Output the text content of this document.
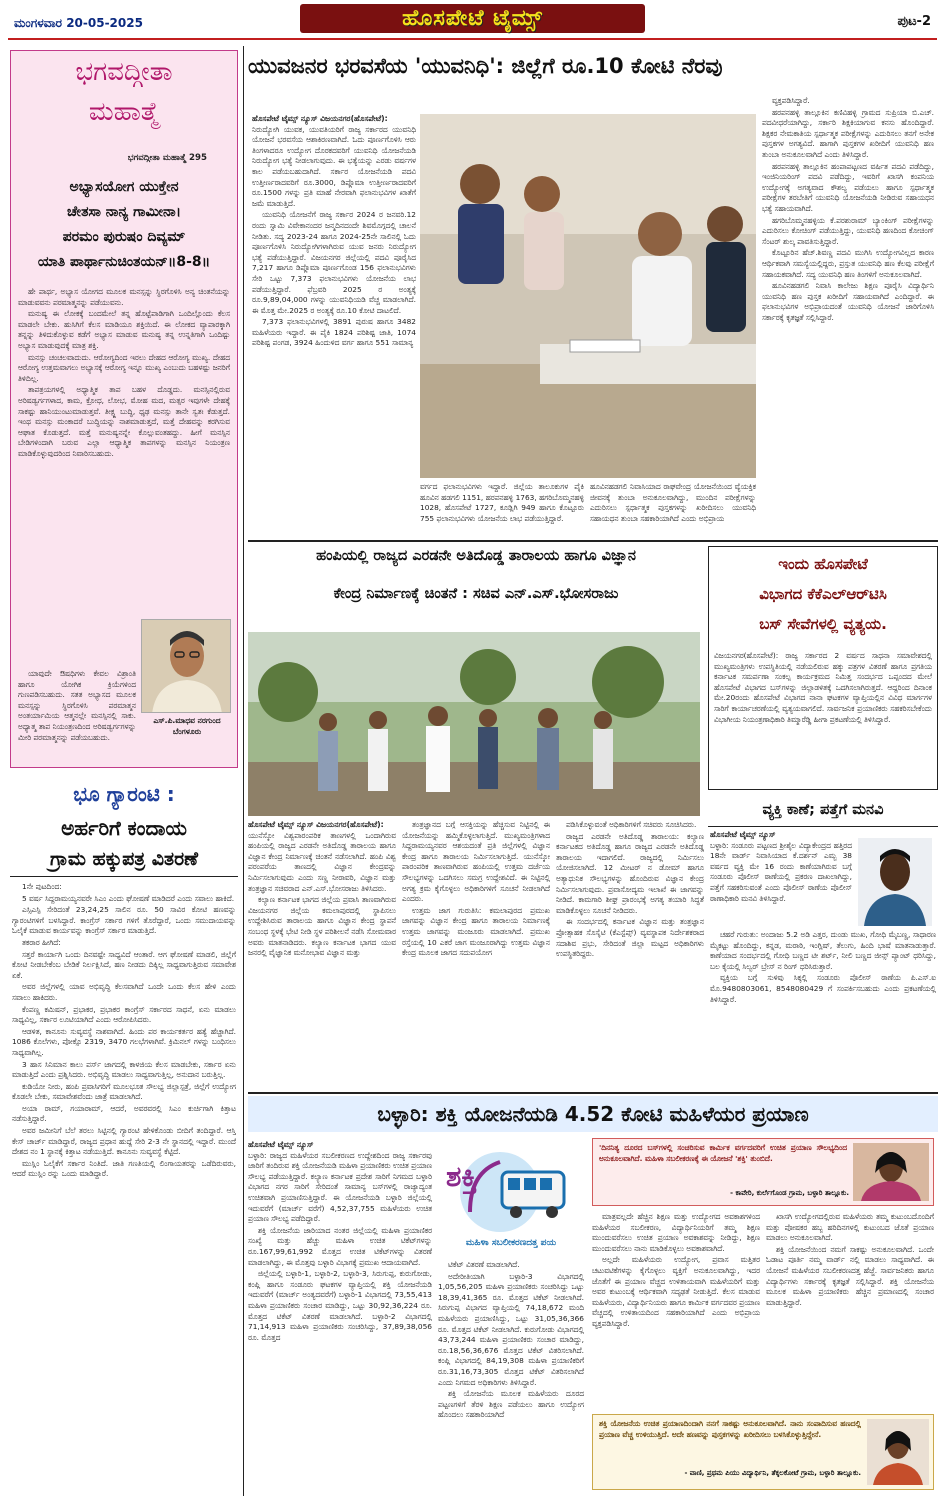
ಮಂಗಳವಾರ 20-05-2025	ಹೊಸಪೇಟೆ ಟೈಮ್ಸ್	ಪುಟ-2
ಭಗವದ್ಗೀತಾ
ಮಹಾತ್ಮೆ
ಭಗವದ್ಗೀತಾ ಮಹಾತ್ಮೆ 295
ಅಭ್ಯಾಸಯೋಗ ಯುಕ್ತೇನ
ಚೇತಸಾ ನಾನ್ಯ ಗಾಮೀನಾ।
ಪರಮಂ ಪುರುಷಂ ದಿವ್ಯಮ್
ಯಾತಿ ಪಾರ್ಥಾನುಚಿಂತಯನ್॥8-8॥

ಹೇ ಪಾರ್ಥ, ಅಭ್ಯಾಸ ಯೋಗದ ಮೂಲಕ ಮನಸ್ಸನ್ನು ಸ್ಥಿರಗೊಳಿಸಿ ಅನ್ಯ ಚಿಂತನೆಯನ್ನು ಮಾಡುವವನು ಪರಮಾತ್ಮನನ್ನು ಪಡೆಯುವನು.

ಮನುಷ್ಯ ಈ ಲೋಕಕ್ಕೆ ಬಂದಮೇಲೆ ತನ್ನ ಹೊಟ್ಟೆಪಾಡಿಗಾಗಿ ಒಂದಿಲ್ಲೊಂದು ಕೆಲಸ ಮಾಡಲೇ ಬೇಕು. ಹುಸಿಗಿಗೆ ಕೆಲಸ ಮಾಡಿಯೂ ಶಕ್ತಿಯಿದೆ. ಈ ಲೋಕದ ವ್ಯಾಪಾರಕ್ಕಾಗಿ ತನ್ನನ್ನು ತಿಳಿದುಕೊಳ್ಳುವ ಕಡೆಗೆ ಅಭ್ಯಾಸ ಮಾಡುವ ಮನುಷ್ಯ ತನ್ನ ಉನ್ನತಿಗಾಗಿ ಒಂದಿಷ್ಟು ಅಭ್ಯಾಸ ಮಾಡುವುದಕ್ಕೆ ಮಾತ್ರ ಶಕ್ತಿ.

ಮನಸ್ಸು ಚಂಚಲವಾದುದು. ಆರೋಗ್ಯದಿಂದ ಇರಲು ದೇಹದ ಆರೋಗ್ಯ ಮುಖ್ಯ. ದೇಹದ ಆರೋಗ್ಯ ಉತ್ತಮವಾಗಲು ಅಭ್ಯಾಸಕ್ಕೆ ಆರೋಗ್ಯ ಇನ್ನೂ ಮುಖ್ಯ ಎಂಬುದು ಬಹಳಷ್ಟು ಜನರಿಗೆ ತಿಳಿದಿಲ್ಲ.

ತಾಪತ್ರಯಗಳಲ್ಲಿ ಅಧ್ಯಾತ್ಮಿಕ ತಾಪ ಬಹಳ ದೊಡ್ಡದು. ಮನಸ್ಸಿನಲ್ಲಿರುವ ಅರಿಷಡ್ವರ್ಗಗಳಾದ, ಕಾಮ, ಕ್ರೋಧ, ಲೋಭ, ಮೋಹ ಮದ, ಮತ್ಸರ ಇವುಗಳೇ ದೇಹಕ್ಕೆ ಸಾಕಷ್ಟು ಹಾನಿಯುಂಟುಮಾಡುತ್ತವೆ. ತೀಕ್ಷ್ಣ ಬುದ್ಧಿ, ಧೃಢ ಮನಸ್ಸು ತಾನೇ ಸ್ವತಃ ಕೆಡುತ್ತದೆ. ಇಂಥ ಮನಸ್ಸು ಮಂಕಾದರೆ ಬುದ್ಧಿಯನ್ನು ನಾಶಮಾಡುತ್ತದೆ, ಮತ್ತೆ ದೇಹವನ್ನು ಕರಗಿಸುವ ಆಘಾತ ಕೊಡುತ್ತದೆ. ಮತ್ತೆ ಮನುಷ್ಯನನ್ನೇ ಕೊಲ್ಲುವಂತಹದ್ದು. ಹೀಗೆ ಮನಸ್ಸಿನ ಬೇಡಿಗಳಿಂದಾಗಿ ಬರುವ ಎಲ್ಲಾ ಆಧ್ಯಾತ್ಮಿಕ ತಾಪಗಳನ್ನು ಮನಸ್ಸಿನ ನಿಯಂತ್ರಣ ಮಾಡಿಕೊಳ್ಳುವುದರಿಂದ ನಿವಾರಿಸಬಹುದು.

ಯಾವುದೇ ಔಷಧಿಗಳು ಕೇವಲ ವಿಶ್ರಾಂತಿ ಹಾಗೂ ಯೋಗಿಕ ಕ್ರಿಯೆಗಳಿಂದ ಗುಣಪಡಿಸಬಹುದು. ಸತತ ಅಭ್ಯಾಸದ ಮೂಲಕ ಮನಸ್ಸನ್ನು ಸ್ಥಿರಗೊಳಿಸಿ ಪರಮಾತ್ಮನ ಅಂತರ್ಯಾಮಿಯ ಆತ್ಮನಲ್ಲೇ ಮನಸ್ಸಿನಲ್ಲಿ ಸಾಕು. ಅಧ್ಯಾತ್ಮ ತಾಪ ನಿಯಂತ್ರಣದಿಂದ ಅರಿಷಡ್ವರ್ಗಗಳನ್ನು ಮೀರಿ ಪರಮಾತ್ಮನನ್ನು ಪಡೆಯಬಹುದು.

ಎಸ್.ಪಿ.ಮಾಧವ ನರಗುಂದ
ಬೆಂಗಳೂರು
ಭೂ ಗ್ಯಾರಂಟಿ :
ಅರ್ಹರಿಗೆ ಕಂದಾಯ
ಗ್ರಾಮ ಹಕ್ಕುಪತ್ರ ವಿತರಣೆ

1ನೇ ಪುಟದಿಂದ:

5 ವರ್ಷ ಸಿದ್ದರಾಮಯ್ಯನವರೇ ಸಿಎಂ ಎಂದು ಘೋಷಣೆ ಮಾಡಿದರೆ ಎಂದು ಸವಾಲು ಹಾಕಿದೆ.

ಎಸ್ಸಿಎಸ್ಪಿ ಸೇರಿದಂತೆ 23,24,25 ಸಾಲಿನ ರೂ. 50 ಸಾವಿರ ಕೋಟಿ ಹಣವನ್ನು ಗ್ಯಾರಂಟಿಗಳಿಗೆ ಬಳಸಿದ್ದಾರೆ. ಕಾಂಗ್ರೆಸ್ ಸರ್ಕಾರ ಗಳಿಗೆ ತೊರೆದ್ದಾರೆ, ಒಂದು ಸಮುದಾಯವನ್ನು ಓಲೈಕೆ ಮಾಡುವ ಕಾರ್ಯವನ್ನು ಕಾಂಗ್ರೆಸ್ ಸರ್ಕಾರ ಮಾಡುತ್ತಿದೆ.

ತಕರಾರ ಹೀಗಿದೆ:

ಸತ್ತರೆ ಕಾರ್ಯಾಗಿ ಒಂದು ದಿನವಷ್ಟೇ ಸಾಧ್ಯವಿದೆ ಆಂತಾರೆ. ಆಗ ಘೋಷಣೆ ಮಾಡಲಿ, ಜಿಲ್ಲೆಗೆ ಕೋಟಿ ನೀಡಬೇಕೆಂಬ ಬೇಡಿಕೆ ನಿರ್ಲಕ್ಷಿಸಿದೆ, ಹಣ ನೀಡದು ದಿಕ್ಕಿಲ್ಲ ಸಾಧ್ಯವಾಗುತ್ತಿರುವ ಸಮಾವೇಶ ಏಕೆ.

ಅವರ ಜಿಲ್ಲೆಗಳಲ್ಲಿ ಯಾವ ಅಭಿವೃದ್ಧಿ ಕೆಲಸವಾಗಿದೆ ಒಂದೇ ಒಂದು ಕೆಲಸ ಹೇಳಿ ಎಂದು ಸವಾಲು ಹಾಕಿದರು.

ಕೆಂಪಣ್ಣ ಕಮಿಷನ್, ಪ್ರಭಾಕರ, ಪ್ರಭಾಕರ ಕಾಂಗ್ರೆಸ್ ಸರ್ಕಾರದ ಸಾಧನೆ, ಏನು ಮಾಡಲು ಸಾಧ್ಯವಿಲ್ಲ, ಸರ್ಕಾರ ಲೂಟಿಯಾಗಿದೆ ಎಂದು ಆರೋಪಿಸಿದರು.

ಆಡಳಿತ, ಕಾನೂನು ಸುವ್ಯವಸ್ಥೆ ನಾಶವಾಗಿದೆ. ಹಿಂದು ಪರ ಕಾರ್ಯಕರ್ತರ ಹತ್ಯೆ ಹೆಚ್ಚಾಗಿದೆ. 1086 ಕೊಲೆಗಳು, ಪೋಕ್ಸೊ 2319, 3470 ಗಲಭೆಗಳಾಗಿವೆ. ಕ್ರಿಮಿನಲ್ ಗಳನ್ನು ಬಂಧಿಸಲು ಸಾಧ್ಯವಾಗಿಲ್ಲ.

3 ಹಾಸ ಸಿನಿಮಾನ ಕಾಲು ಪರ್ಸ್ ಜಾಗದಲ್ಲಿ ಕಾಳಜಿಯ ಕೆಲಸ ಮಾಡಬೇಕು, ಸರ್ಕಾರ ಏನು ಮಾಡುತ್ತಿದೆ ಎಂದು ಪ್ರಶ್ನಿಸಿದರು. ಅಭಿವೃದ್ಧಿ ಮಾಡಲು ಸಾಧ್ಯವಾಗುತ್ತಿಲ್ಲ, ಅನುದಾನ ಬರುತ್ತಿಲ್ಲ.

ಕುಡಿಯೋ ನೀರು, ಹಂಪಿ ಪ್ರವಾಸಿಗರಿಗೆ ಮೂಲಭೂತ ಸೌಲಭ್ಯ ಜಿಲ್ಲಾಸ್ಪತ್ರೆ, ಜಿಲ್ಲೆಗೆ ಉದ್ಯೋಗ ಕೊಡಲೇ ಬೇಕು, ಸಮಾವೇಶವೆಂದು ಜಾತ್ರೆ ಮಾಡಲಾಗಿದೆ.

ಅಯಾ ರಾಮ್, ಗಯಾರಾಮ್, ಆದರೆ, ಅವರವರಲ್ಲಿ ಸಿಎಂ ಕುರ್ಚಿಗಾಗಿ ಕಿತ್ತಾಟ ನಡೆಸುತ್ತಿದ್ದಾರೆ.

ಅವರ ಜಮೀನಿಗೆ ಬೆಲೆ ತರಲು ಸಿಟ್ಟಿನಲ್ಲಿ ಗ್ಯಾರಂಟಿ ಹೇಳಿಕೊಂಡು ಬೀದಿಗೆ ತಂದಿದ್ದಾರೆ. ಆಸ್ತಿ ಕೇಸ್ ಚಾರ್ಜ್ ಮಾಡಿದ್ದಾರೆ, ರಾಜ್ಯದ ಪ್ರಧಾನ ಹುದ್ದೆ ಸೇರಿ 2-3 ನೇ ಸ್ಥಾನದಲ್ಲಿ ಇದ್ದಾರೆ. ಮುಂದೆ ದೇಶದ ನಂ 1 ಸ್ಥಾನಕ್ಕೆ ಕಿತ್ತಾಟ ನಡೆಯುತ್ತಿದೆ. ಕಾನೂನು ಸುವ್ಯವಸ್ಥೆ ಕೆಟ್ಟಿದೆ.

ಮುಸ್ಲಿಂ ಓಲೈಕೆಗೆ ಸರ್ಕಾರ ನಿಂತಿದೆ. ಜಾತಿ ಗಣತಿಯಲ್ಲಿ ಲಿಂಗಾಯತರನ್ನು ಒಡೆದಿರುವರು, ಆದರೆ ಮುಸ್ಲಿಂ ರನ್ನು ಒಂದು ಮಾಡಿದ್ದಾರೆ.

ಯುವಜನರ ಭರವಸೆಯ 'ಯುವನಿಧಿ': ಜಿಲ್ಲೆಗೆ ರೂ.10 ಕೋಟಿ ನೆರವು

ಹೊಸಪೇಟೆ ಟೈಮ್ಸ್ ನ್ಯೂಸ್ ವಿಜಯನಗರ(ಹೊಸಪೇಟೆ):
ನಿರುದ್ಯೋಗಿ ಯುವಕ, ಯುವತಿಯರಿಗೆ ರಾಜ್ಯ ಸರ್ಕಾರದ ಯುವನಿಧಿ ಯೋಜನೆ ಭರವಸೆಯ ಆಶಾಕಿರಣವಾಗಿದೆ. ಓದು ಪೂರ್ಣಗೊಳಿಸಿ ಆರು ತಿಂಗಳಾದರೂ ಉದ್ಯೋಗ ದೊರಕದವರಿಗೆ ಯುವನಿಧಿ ಯೋಜನೆಯಡಿ ನಿರುದ್ಯೋಗ ಭತ್ಯೆ ನೀಡಲಾಗುವುದು. ಈ ಭತ್ಯೆಯನ್ನು ಎರಡು ವರ್ಷಗಳ ಕಾಲ ಪಡೆಯಬಹುದಾಗಿದೆ. ಸರ್ಕಾರ ಯೋಜನೆಯಡಿ ಪದವಿ ಉತ್ತೀರ್ಣರಾದವರಿಗೆ ರೂ.3000, ಡಿಪ್ಲೊಮಾ ಉತ್ತೀರ್ಣರಾದವರಿಗೆ ರೂ.1500 ಗಳನ್ನು ಪ್ರತಿ ಮಾಹೆ ನೇರವಾಗಿ ಫಲಾನುಭವಿಗಳ ಖಾತೆಗೆ ಜಮೆ ಮಾಡುತ್ತಿದೆ.

ಯುವನಿಧಿ ಯೋಜನೆಗೆ ರಾಜ್ಯ ಸರ್ಕಾರ 2024 ರ ಜನವರಿ.12 ರಂದು ಸ್ವಾಮಿ ವಿವೇಕಾನಂದರ ಜನ್ಮದಿನದಂದೇ ಶಿವಮೊಗ್ಗದಲ್ಲಿ ಚಾಲನೆ ನೀಡಿತು. ಸದ್ಯ 2023-24 ಹಾಗೂ 2024-25ನೇ ಸಾಲಿನಲ್ಲಿ ಓದು ಪೂರ್ಣಗೊಳಿಸಿ ನಿರುದ್ಯೋಗಿಗಳಾಗಿರುವ ಯುವ ಜನರು ನಿರುದ್ಯೋಗ ಭತ್ಯೆ ಪಡೆಯುತ್ತಿದ್ದಾರೆ. ವಿಜಯನಗರ ಜಿಲ್ಲೆಯಲ್ಲಿ ಪದವಿ ಪೂರೈಸಿದ 7,217 ಹಾಗೂ ಡಿಪ್ಲೊಮಾ ಪೂರ್ಣಗೊಂಡ 156 ಫಲಾನುಭವಿಗಳು ಸೇರಿ ಒಟ್ಟು 7,373 ಫಲಾನುಭವಿಗಳು ಯೋಜನೆಯ ಲಾಭ ಪಡೆಯುತ್ತಿದ್ದಾರೆ. ಫೆಬ್ರವರಿ 2025 ರ ಅಂತ್ಯಕ್ಕೆ ರೂ.9,89,04,000 ಗಳನ್ನು ಯುವನಿಧಿಯಡಿ ವೆಚ್ಚ ಮಾಡಲಾಗಿದೆ. ಈ ಮೊತ್ತ ಮೇ.2025 ರ ಅಂತ್ಯಕ್ಕೆ ರೂ.10 ಕೋಟಿ ದಾಟಲಿದೆ.

7,373 ಫಲಾನುಭವಿಗಳಲ್ಲಿ 3891 ಪುರುಷ ಹಾಗೂ 3482 ಮಹಿಳೆಯರು ಇದ್ದಾರೆ. ಈ ಪೈಕಿ 1824 ಪರಿಶಿಷ್ಟ ಜಾತಿ, 1074 ಪರಿಶಿಷ್ಟ ಪಂಗಡ, 3924 ಹಿಂದುಳಿದ ವರ್ಗ ಹಾಗೂ 551 ಸಾಮಾನ್ಯ

ವರ್ಗದ ಫಲಾನುಭವಿಗಳು ಇದ್ದಾರೆ. ಜಿಲ್ಲೆಯ ತಾಲೂಕುಗಳ ಪೈಕಿ ಹೂವಿನ ಹಡಗಲಿ 1151, ಹರಪನಹಳ್ಳಿ 1763, ಹಗರಿಬೊಮ್ಮನಹಳ್ಳಿ 1028, ಹೊಸಪೇಟೆ 1727, ಕೂಡ್ಲಿಗಿ 949 ಹಾಗೂ ಕೊಟ್ಟೂರು 755 ಫಲಾನುಭವಿಗಳು ಯೋಜನೆಯ ಲಾಭ ಪಡೆಯುತ್ತಿದ್ದಾರೆ.
ಹೂವಿನಹಡಗಲಿ ನಿವಾಸಿಯಾದ ರಾಘವೇಂದ್ರ ಯೋಜನೆಯಿಂದ ವ್ಯೆಯಕ್ತಿಕ ಜೀವನಕ್ಕೆ ತುಂಬಾ ಅನುಕೂಲವಾಗಿದ್ದು, ಮುಂದಿನ ಪರೀಕ್ಷೆಗಳನ್ನು ಎದುರಿಸಲು ಸ್ಪರ್ಧಾತ್ಮಕ ಪುಸ್ತಕಗಳನ್ನು ಖರೀದಿಸಲು ಯುವನಿಧಿ ಸಹಾಯಧನ ತುಂಬಾ ಸಹಕಾರಿಯಾಗಿದೆ ಎಂದು ಅಭಿಪ್ರಾಯ

ವ್ಯಕ್ತಪಡಿಸಿದ್ದಾರೆ.

ಹರಪನಹಳ್ಳಿ ತಾಲ್ಲೂಕಿನ ಕಣಿವಿಹಳ್ಳಿ ಗ್ರಾಮದ ಸುಪ್ರಿಯಾ ಬಿ.ಎಚ್. ಪದವೀಧರೆಯಾಗಿದ್ದು, ಸರ್ಕಾರಿ ಶಿಕ್ಷಕಿಯಾಗುವ ಕನಸು ಹೊಂದಿದ್ದಾರೆ. ಶಿಕ್ಷಕರ ನೇಮಕಾತಿಯ ಸ್ಪರ್ಧಾತ್ಮಕ ಪರೀಕ್ಷೆಗಳನ್ನು ಎದುರಿಸಲು ತನಗೆ ಅನೇಕ ಪುಸ್ತಕಗಳ ಅಗತ್ಯವಿದೆ. ಹಾಗಾಗಿ ಪುಸ್ತಕಗಳ ಖರೀದಿಗೆ ಯುವನಿಧಿ ಹಣ ತುಂಬಾ ಅನುಕೂಲವಾಗಿದೆ ಎಂದು ತಿಳಿಸಿದ್ದಾರೆ.

ಹರಪನಹಳ್ಳಿ ತಾಲ್ಲೂಕಿನ ಹಂಪಾಪಟ್ಟಣದ ವರ್ಷಿತ ಪದವಿ ಪಡೆದಿದ್ದು, ಇಂಜಿನಿಯರಿಂಗ್ ಪದವಿ ಪಡೆದಿದ್ದು, ಇವರಿಗೆ ಖಾಸಗಿ ಕಂಪನಿಯ ಉದ್ಯೋಗಕ್ಕೆ ಅಗತ್ಯವಾದ ಕೌಶಲ್ಯ ಪಡೆಯಲು ಹಾಗೂ ಸ್ಪರ್ಧಾತ್ಮಕ ಪರೀಕ್ಷೆಗಳ ತರಬೇತಿಗೆ ಯುವನಿಧಿ ಯೋಜನೆಯಡಿ ನೀಡಿರುವ ಸಹಾಯಧನ ಭತ್ಯೆ ಸಹಾಯವಾಗಿದೆ.

ಹಗರಿಬೊಮ್ಮನಹಳ್ಳಿಯ ಕೆ.ಪರಶುರಾಮ್ ಬ್ಯಾಂಕಿಂಗ್ ಪರೀಕ್ಷೆಗಳನ್ನು ಎದುರಿಸಲು ಕೋಚಿಂಗ್ ಪಡೆಯುತ್ತಿದ್ದು, ಯುವನಿಧಿ ಹಣದಿಂದ ಕೋಚಿಂಗ್ ಸೆಂಟರ್ ಶುಲ್ಕ ಪಾವತಿಸುತ್ತಿದ್ದಾರೆ.

ಕೊಟ್ಟೂರಿನ ಹೆಚ್.ಶಿವಣ್ಣ ಪದವಿ ಮುಗಿಸಿ ಉದ್ಯೋಗವಿಲ್ಲದ ಕಾರಣ ಆರ್ಥಿಕವಾಗಿ ಸಮಸ್ಯೆಯಲ್ಲಿದ್ದರು, ಪ್ರಸ್ತುತ ಯುವನಿಧಿ ಹಣ ಕೆಲವು ಪರೀಕ್ಷೆಗೆ ಸಹಾಯಕವಾಗಿದೆ. ಸದ್ಯ ಯುವನಿಧಿ ಹಣ ತಿಂಗಳಿಗೆ ಅನುಕೂಲವಾಗಿದೆ.

ಹೂವಿನಹಡಗಲಿ ನಿವಾಸಿ ಕಾಲೇಜು ಶಿಕ್ಷಣ ಪೂರೈಸಿ ವಿದ್ಯಾರ್ಥಿನಿ ಯುವನಿಧಿ ಹಣ ಪುಸ್ತಕ ಖರೀದಿಗೆ ಸಹಾಯವಾಗಿದೆ ಎಂದಿದ್ದಾರೆ. ಈ ಫಲಾನುಭವಿಗಳ ಅಭಿಪ್ರಾಯದಂತೆ ಯುವನಿಧಿ ಯೋಜನೆ ಜಾರಿಗೊಳಿಸಿ ಸರ್ಕಾರಕ್ಕೆ ಕೃತಜ್ಞತೆ ಸಲ್ಲಿಸಿದ್ದಾರೆ.

ಹಂಪಿಯಲ್ಲಿ ರಾಜ್ಯದ ಎರಡನೇ ಅತಿದೊಡ್ಡ ತಾರಾಲಯ ಹಾಗೂ ವಿಜ್ಞಾನ
ಕೇಂದ್ರ ನಿರ್ಮಾಣಕ್ಕೆ ಚಿಂತನೆ : ಸಚಿವ ಎನ್.ಎಸ್.ಭೋಸರಾಜು

ಹೊಸಪೇಟೆ ಟೈಮ್ಸ್ ನ್ಯೂಸ್ ವಿಜಯನಗರ(ಹೊಸಪೇಟೆ):
ಯುನೆಸ್ಕೋ ವಿಶ್ವಪಾರಂಪರಿಕ ತಾಣಗಳಲ್ಲಿ ಒಂದಾಗಿರುವ ಹಂಪಿಯಲ್ಲಿ ರಾಜ್ಯದ ಎರಡನೇ ಅತಿದೊಡ್ಡ ತಾರಾಲಯ ಹಾಗೂ ವಿಜ್ಞಾನ ಕೇಂದ್ರ ನಿರ್ಮಾಣಕ್ಕೆ ಚಿಂತನೆ ನಡೆಸಲಾಗಿದೆ. ಹಂಪಿ ವಿಶ್ವ ಪರಂಪರೆಯ ತಾಣದಲ್ಲಿ ವಿಜ್ಞಾನ ಕೇಂದ್ರವನ್ನು ನಿರ್ಮಿಸಲಾಗುವುದು ಎಂದು ಸಣ್ಣ ನೀರಾವರಿ, ವಿಜ್ಞಾನ ಮತ್ತು ತಂತ್ರಜ್ಞಾನ ಸಚಿವರಾದ ಎನ್.ಎಸ್.ಭೋಸರಾಜು ತಿಳಿಸಿದರು.

ಕಲ್ಯಾಣ ಕರ್ನಾಟಕ ಭಾಗದ ಜಿಲ್ಲೆಯ ಪ್ರವಾಸಿ ತಾಣವಾಗಿರುವ ವಿಜಯನಗರ ಜಿಲ್ಲೆಯ ಕಮಲಾಪುರದಲ್ಲಿ ಸ್ಥಾಪಿಸಲು ಉದ್ದೇಶಿಸಿರುವ ತಾರಾಲಯ ಹಾಗೂ ವಿಜ್ಞಾನ ಕೇಂದ್ರ ಸ್ಥಾಪನೆ ಸಂಬಂಧ ಸ್ಥಳಕ್ಕೆ ಭೇಟಿ ನೀಡಿ ಸ್ಥಳ ಪರಿಶೀಲನೆ ನಡೆಸಿ ಸೋಮವಾರ ಅವರು ಮಾತನಾಡಿದರು. ಕಲ್ಯಾಣ ಕರ್ನಾಟಕ ಭಾಗದ ಯುವ ಜನರಲ್ಲಿ ವೈಜ್ಞಾನಿಕ ಮನೋಭಾವ ವಿಜ್ಞಾನ ಮತ್ತು

ತಂತ್ರಜ್ಞಾನದ ಬಗ್ಗೆ ಆಸಕ್ತಿಯನ್ನು ಹೆಚ್ಚಿಸುವ ನಿಟ್ಟಿನಲ್ಲಿ ಈ ಯೋಜನೆಯನ್ನು ಹಮ್ಮಿಕೊಳ್ಳಲಾಗುತ್ತಿದೆ. ಮುಖ್ಯಮಂತ್ರಿಗಳಾದ ಸಿದ್ದರಾಮಯ್ಯನವರ ಆಶಯದಂತೆ ಪ್ರತಿ ಜಿಲ್ಲೆಗಳಲ್ಲಿ ವಿಜ್ಞಾನ ಕೇಂದ್ರ ಹಾಗೂ ತಾರಾಲಯ ನಿರ್ಮಿಸಲಾಗುತ್ತಿದೆ. ಯುನೆಸ್ಕೋ ಪಾರಂಪರಿಕ ತಾಣವಾಗಿರುವ ಹಂಪಿಯಲ್ಲಿ ಉತ್ತಮ ದರ್ಜೆಯ ಸೌಲಭ್ಯಗಳನ್ನು ಒದಗಿಸಲು ಸಮಗ್ರ ಉದ್ದೇಶವಿದೆ. ಈ ನಿಟ್ಟಿನಲ್ಲಿ ಅಗತ್ಯ ಕ್ರಮ ಕೈಗೊಳ್ಳಲು ಅಧಿಕಾರಿಗಳಿಗೆ ಸೂಚನೆ ನೀಡಲಾಗಿದೆ ಎಂದರು.

ಉತ್ತಮ ಜಾಗ ಗುರುತಿಸಿ: ಕಮಲಾಪುರದ ಪ್ರಮುಖ ಜಾಗವನ್ನು ವಿಜ್ಞಾನ ಕೇಂದ್ರ ಹಾಗೂ ತಾರಾಲಯ ನಿರ್ಮಾಣಕ್ಕೆ ಉತ್ತಮ ಜಾಗವನ್ನು ಮಂಜೂರು ಮಾಡಲಾಗಿದೆ. ಪ್ರಮುಖ ರಸ್ತೆಯಲ್ಲಿ 10 ಎಕರೆ ಜಾಗ ಮಂಜೂರಾಗಿದ್ದು ಉತ್ತಮ ವಿಜ್ಞಾನ ಕೇಂದ್ರ ಮೂಲಕ ಜಾಗದ ಸದುಪಯೋಗ

ಪಡಿಸಿಕೊಳ್ಳುವಂತೆ ಅಧಿಕಾರಿಗಳಿಗೆ ಸಚಿವರು ಸೂಚಿಸಿದರು.

ರಾಜ್ಯದ ಎರಡನೇ ಅತಿದೊಡ್ಡ ತಾರಾಲಯ: ಕಲ್ಯಾಣ ಕರ್ನಾಟಕದ ಅತಿದೊಡ್ಡ ಹಾಗೂ ರಾಜ್ಯದ ಎರಡನೇ ಅತಿದೊಡ್ಡ ತಾರಾಲಯ ಇದಾಗಲಿದೆ. ರಾಜ್ಯದಲ್ಲಿ ನಿರ್ಮಿಸಲು ಯೋಜಿಸಲಾಗಿದೆ. 12 ಮೀಟರ್ ನ ಡೋಮ್ ಹಾಗೂ ಅತ್ಯಾಧುನಿಕ ಸೌಲಭ್ಯಗಳನ್ನು ಹೊಂದಿರುವ ವಿಜ್ಞಾನ ಕೇಂದ್ರ ನಿರ್ಮಿಸಲಾಗುವುದು. ಪ್ರವಾಸೋದ್ಯಮ ಇಲಾಖೆ ಈ ಜಾಗವನ್ನು ನೀಡಿದೆ. ಕಾಮಗಾರಿ ಶೀಘ್ರ ಪ್ರಾರಂಭಕ್ಕೆ ಅಗತ್ಯ ತಯಾರಿ ಸಿದ್ಧತೆ ಮಾಡಿಕೊಳ್ಳಲು ಸೂಚನೆ ನೀಡಿದರು.

ಈ ಸಂದರ್ಭದಲ್ಲಿ ಕರ್ನಾಟಕ ವಿಜ್ಞಾನ ಮತ್ತು ತಂತ್ರಜ್ಞಾನ ಪ್ರೋತ್ಸಾಹಕ ಸೊಸೈಟಿ (ಕೆಎಸ್ಟೆಪ್ಸ್) ವ್ಯವಸ್ಥಾಪಕ ನಿರ್ದೇಶಕರಾದ ಸದಾಶಿವ ಪ್ರಭು, ಸೇರಿದಂತೆ ಜಿಲ್ಲಾ ಮಟ್ಟದ ಅಧಿಕಾರಿಗಳು ಉಪಸ್ಥಿತರಿದ್ದರು.

ಇಂದು ಹೊಸಪೇಟೆ
ವಿಭಾಗದ ಕೆಕೆಎಲ್‌ಆರ್‌ಟಿಸಿ
ಬಸ್ ಸೇವೆಗಳಲ್ಲಿ ವ್ಯತ್ಯಯ.
ವಿಜಯನಗರ(ಹೊಸಪೇಟೆ): ರಾಜ್ಯ ಸರ್ಕಾರದ 2 ವರ್ಷದ ಸಾಧನಾ ಸಮಾವೇಶದಲ್ಲಿ ಮುಖ್ಯಮಂತ್ರಿಗಳು ಉಪಸ್ಥಿತಿಯಲ್ಲಿ ನಡೆಯಲಿರುವ ಹಕ್ಕು ಪತ್ರಗಳ ವಿತರಣೆ ಹಾಗೂ ಪ್ರಗತಿಯ ಕರ್ನಾಟಕ ಸಮರ್ಪಣಾ ಸಂಕಲ್ಪ ಕಾರ್ಯಕ್ರಮದ ನಿಮಿತ್ತ ಸಂದರ್ಭದ ಒಪ್ಪಂದದ ಮೇಲೆ ಹೊಸಪೇಟೆ ವಿಭಾಗದ ಬಸ್‌ಗಳನ್ನು ಜಿಲ್ಲಾಡಳಿತಕ್ಕೆ ಒದಗಿಸಲಾಗಿರುತ್ತದೆ. ಆದ್ದರಿಂದ ದಿನಾಂಕ ಮೇ.20ರಂದು ಹೊಸಪೇಟೆ ವಿಭಾಗದ ನಾನಾ ಘಟಕಗಳ ವ್ಯಾಪ್ತಿಯಲ್ಲಿನ ವಿವಿಧ ಮಾರ್ಗಗಳ ಸಾರಿಗೆ ಕಾರ್ಯಾಚರಣೆಯಲ್ಲಿ ವ್ಯತ್ಯಯವಾಗಲಿದೆ. ಸಾರ್ವಜನಿಕ ಪ್ರಯಾಣಿಕರು ಸಹಕರಿಸಬೇಕೆಂದು ವಿಭಾಗೀಯ ನಿಯಂತ್ರಣಾಧಿಕಾರಿ ತಿಮ್ಮಾರೆಡ್ಡಿ ಹೀಗಾ ಪ್ರಕಟಣೆಯಲ್ಲಿ ತಿಳಿಸಿದ್ದಾರೆ.
ವ್ಯಕ್ತಿ ಕಾಣೆ; ಪತ್ತೆಗೆ ಮನವಿ

ಹೊಸಪೇಟೆ ಟೈಮ್ಸ್ ನ್ಯೂಸ್
ಬಳ್ಳಾರಿ: ಸಂಡೂರು ಪಟ್ಟಣದ ಶ್ರೀಶೈಲ ವಿದ್ಯಾಕೇಂದ್ರದ ಹತ್ತಿರದ 18ನೇ ವಾರ್ಡ್ ನಿವಾಸಿಯಾದ ಕೆ.ದರ್ಶನ್ ಎಮ್ಬ 38 ವರ್ಷದ ವ್ಯಕ್ತಿ ಮೇ 16 ರಂದು ಕಾಣೆಯಾಗಿರುವ ಬಗ್ಗೆ ಸಂಡೂರು ಪೊಲೀಸ್ ಠಾಣೆಯಲ್ಲಿ ಪ್ರಕರಣ ದಾಖಲಾಗಿದ್ದು, ಪತ್ತೆಗೆ ಸಹಕರಿಸುವಂತೆ ಎಂದು ಪೊಲೀಸ್ ಠಾಣೆಯ ಪೊಲೀಸ್ ಠಾಣಾಧಿಕಾರಿ ಮನವಿ ತಿಳಿಸಿದ್ದಾರೆ.

ಚಹರೆ ಗುರುತು: ಅಂದಾಜು 5.2 ಅಡಿ ಎತ್ತರ, ದುಂಡು ಮುಖ, ಗೋಧಿ ಮೈಬಣ್ಣ, ಸಾಧಾರಣ ಮೈಕಟ್ಟು ಹೊಂದಿದ್ದು, ಕನ್ನಡ, ಮರಾಠಿ, ಇಂಗ್ಲಿಷ್, ತೆಲುಗು, ಹಿಂದಿ ಭಾಷೆ ಮಾತನಾಡುತ್ತಾರೆ. ಕಾಣೆಯಾದ ಸಂದರ್ಭದಲ್ಲಿ ಗೋಧಿ ಬಣ್ಣದ ಟೀ ಶರ್ಟ್, ನೀಲಿ ಬಣ್ಣದ ಜೀನ್ಸ್ ಪ್ಯಾಂಟ್ ಧರಿಸಿದ್ದು, ಬಲ ಕೈಯಲ್ಲಿ ಸಿಲ್ವರ್ ಬ್ರೇಸ್ ನ ರಿಂಗ್ ಧರಿಸಿರುತ್ತಾರೆ.

ವ್ಯಕ್ತಿಯ ಬಗ್ಗೆ ಸುಳಿವು ಸಿಕ್ಕಲ್ಲಿ ಸಂಡೂರು ಪೊಲೀಸ್ ಠಾಣೆಯ ಪಿ.ಎಸ್.ಐ ಮೊ.9480803061, 8548080429 ಗೆ ಸಂಪರ್ಕಿಸಬಹುದು ಎಂದು ಪ್ರಕಟಣೆಯಲ್ಲಿ ತಿಳಿಸಿದ್ದಾರೆ.

ಬಳ್ಳಾರಿ: ಶಕ್ತಿ ಯೋಜನೆಯಡಿ 4.52 ಕೋಟಿ ಮಹಿಳೆಯರ ಪ್ರಯಾಣ
ಶಕ್ತಿ
ಮಹಿಳಾ ಸಬಲೀಕರಣದತ್ತ ಪಯ

ಹೊಸಪೇಟೆ ಟೈಮ್ಸ್ ನ್ಯೂಸ್
ಬಳ್ಳಾರಿ: ರಾಜ್ಯದ ಮಹಿಳೆಯರ ಸಬಲೀಕರಣದ ಉದ್ದೇಶದಿಂದ ರಾಜ್ಯ ಸರ್ಕಾರವು ಜಾರಿಗೆ ತಂದಿರುವ ಶಕ್ತಿ ಯೋಜನೆಯಡಿ ಮಹಿಳಾ ಪ್ರಯಾಣಿಕರು ಉಚಿತ ಪ್ರಯಾಣ ಸೌಲಭ್ಯ ಪಡೆಯುತ್ತಿದ್ದಾರೆ. ಕಲ್ಯಾಣ ಕರ್ನಾಟಕ ಪ್ರದೇಶ ಸಾರಿಗೆ ನಿಗಮದ ಬಳ್ಳಾರಿ ವಿಭಾಗದ ನಗರ ಸಾರಿಗೆ ಸೇರಿದಂತೆ ಸಾಮಾನ್ಯ ಬಸ್‌ಗಳಲ್ಲಿ ರಾಜ್ಯಾದ್ಯಂತ ಉಚಿತವಾಗಿ ಪ್ರಯಾಣಿಸುತ್ತಿದ್ದಾರೆ. ಈ ಯೋಜನೆಯಡಿ ಬಳ್ಳಾರಿ ಜಿಲ್ಲೆಯಲ್ಲಿ ಇದುವರೆಗೆ (ಮಾರ್ಚ್ ವರೆಗೆ) 4,52,37,755 ಮಹಿಳೆಯರು ಉಚಿತ ಪ್ರಯಾಣ ಸೌಲಭ್ಯ ಪಡೆದಿದ್ದಾರೆ.

ಶಕ್ತಿ ಯೋಜನೆಯ ಜಾರಿಯಾದ ನಂತರ ಜಿಲ್ಲೆಯಲ್ಲಿ ಮಹಿಳಾ ಪ್ರಯಾಣಿಕರ ಸಂಖ್ಯೆ ಮತ್ತು ಹೆಚ್ಚು ಮಹಿಳಾ ಉಚಿತ ಟಿಕೆಟ್‌ಗಳನ್ನು ರೂ.167,99,61,992 ಮೊತ್ತದ ಉಚಿತ ಟಿಕೆಟ್‌ಗಳನ್ನು ವಿತರಣೆ ಮಾಡಲಾಗಿದ್ದು, ಈ ಮೊತ್ತವು ಬಳ್ಳಾರಿ ವಿಭಾಗಕ್ಕೆ ಪ್ರಮುಖ ಆದಾಯವಾಗಿದೆ.

ಜಿಲ್ಲೆಯಲ್ಲಿ ಬಳ್ಳಾರಿ-1, ಬಳ್ಳಾರಿ-2, ಬಳ್ಳಾರಿ-3, ಸಿರುಗುಪ್ಪ, ಕುರುಗೋಡು, ಕಂಪ್ಲಿ ಹಾಗೂ ಸಂಡೂರು ಘಟಕಗಳ ವ್ಯಾಪ್ತಿಯಲ್ಲಿ ಶಕ್ತಿ ಯೋಜನೆಯಡಿ ಇದುವರೆಗೆ (ಮಾರ್ಚ್ ಅಂತ್ಯದವರೆಗೆ) ಬಳ್ಳಾರಿ-1 ವಿಭಾಗದಲ್ಲಿ 73,55,413 ಮಹಿಳಾ ಪ್ರಯಾಣಿಕರು ಸಂಚಾರ ಮಾಡಿದ್ದು, ಒಟ್ಟು 30,92,36,224 ರೂ. ಮೊತ್ತದ ಟಿಕೆಟ್ ವಿತರಣೆ ಮಾಡಲಾಗಿದೆ. ಬಳ್ಳಾರಿ-2 ವಿಭಾಗದಲ್ಲಿ 71,14,913 ಮಹಿಳಾ ಪ್ರಯಾಣಿಕರು ಸಂಚರಿಸಿದ್ದು, 37,89,38,056 ರೂ. ಮೊತ್ತದ

ಟಿಕೆಟ್ ವಿತರಣೆ ಮಾಡಲಾಗಿದೆ.

ಅದೇರೀತಿಯಾಗಿ ಬಳ್ಳಾರಿ-3 ವಿಭಾಗದಲ್ಲಿ 1,05,56,205 ಮಹಿಳಾ ಪ್ರಯಾಣಿಕರು ಸಂಚರಿಸಿದ್ದು ಒಟ್ಟು 18,39,41,365 ರೂ. ಮೊತ್ತದ ಟಿಕೆಟ್ ನೀಡಲಾಗಿದೆ. ಸಿರುಗುಪ್ಪ ವಿಭಾಗದ ವ್ಯಾಪ್ತಿಯಲ್ಲಿ 74,18,672 ಮಂದಿ ಮಹಿಳೆಯರು ಪ್ರಯಾಣಿಸಿದ್ದು, ಒಟ್ಟು 31,05,36,366 ರೂ. ಮೊತ್ತದ ಟಿಕೆಟ್ ನೀಡಲಾಗಿದೆ. ಕುರುಗೋಡು ವಿಭಾಗದಲ್ಲಿ 43,73,244 ಮಹಿಳಾ ಪ್ರಯಾಣಿಕರು ಸಂಚಾರ ಮಾಡಿದ್ದು, ರೂ.18,56,36,676 ಮೊತ್ತದ ಟಿಕೆಟ್ ವಿತರಿಸಲಾಗಿದೆ. ಕಂಪ್ಲಿ ವಿಭಾಗದಲ್ಲಿ 84,19,308 ಮಹಿಳಾ ಪ್ರಯಾಣಿಕರಿಗೆ ರೂ.31,16,73,305 ಮೊತ್ತದ ಟಿಕೆಟ್ ವಿತರಿಸಲಾಗಿದೆ ಎಂದು ನಿಗಮದ ಅಧಿಕಾರಿಗಳು ತಿಳಿಸಿದ್ದಾರೆ.

ಶಕ್ತಿ ಯೋಜನೆಯ ಮೂಲಕ ಮಹಿಳೆಯರು ದೂರದ ಪಟ್ಟಣಗಳಿಗೆ ತೆರಳಿ ಶಿಕ್ಷಣ ಪಡೆಯಲು ಹಾಗೂ ಉದ್ಯೋಗ ಹೊಂದಲು ಸಹಕಾರಿಯಾಗಿದೆ

'ದಿನನಿತ್ಯ ದೂರದ ಬಸ್‌ಗಳಲ್ಲಿ ಸಂಚರಿಸುವ ಕಾರ್ಮಿಕ ವರ್ಗದವರಿಗೆ ಉಚಿತ ಪ್ರಯಾಣ ಸೌಲಭ್ಯದಿಂದ ಅನುಕೂಲವಾಗಿದೆ. ಮಹಿಳಾ ಸಬಲೀಕರಣಕ್ಕೆ ಈ ಯೋಜನೆ 'ಶಕ್ತಿ' ತುಂಬಿದೆ.
- ಕಾವೇರಿ, ಕುರ್ಲೆಗೊಂಡ ಗ್ರಾಮ, ಬಳ್ಳಾರಿ ತಾಲ್ಲೂಕು.

ಮಾತ್ರವಲ್ಲದೇ ಹೆಚ್ಚಿನ ಶಿಕ್ಷಣ ಮತ್ತು ಉದ್ಯೋಗದ ಅವಕಾಶಗಳಿಂದ ಮಹಿಳೆಯರ ಸಬಲೀಕರಣ, ವಿದ್ಯಾರ್ಥಿನಿಯರಿಗೆ ತಮ್ಮ ಶಿಕ್ಷಣ ಮುಂದುವರೆಸಲು ಉಚಿತ ಪ್ರಯಾಣ ಅವಕಾಶವನ್ನು ನೀಡಿದ್ದು, ಶಿಕ್ಷಣ ಮುಂದುವರೆಸಲು ನಾನು ಮಾಡಿಕೊಳ್ಳಲು ಅವಕಾಶವಾಗಿದೆ.

ಅಲ್ಲದೇ ಮಹಿಳೆಯರು ಉದ್ಯೋಗ, ಪ್ರವಾಸ ಮತ್ತಿತರ ಚಟುವಟಿಕೆಗಳನ್ನು ಕೈಗೊಳ್ಳಲು ವ್ಯಕ್ತಿಗೆ ಅನುಕೂಲವಾಗಿದ್ದು, ಇದರ ಜೊತೆಗೆ ಈ ಪ್ರಯಾಣ ವೆಚ್ಚದ ಉಳಿತಾಯವಾಗಿ ಮಹಿಳೆಯರಿಗೆ ಮತ್ತು ಅವರ ಕುಟುಂಬಕ್ಕೆ ಆರ್ಥಿಕವಾಗಿ ಸದೃಢತೆ ನೀಡುತ್ತಿದೆ. ಕೆಲಸ ಮಾಡುವ ಮಹಿಳೆಯರು, ವಿದ್ಯಾರ್ಥಿನಿಯರು ಹಾಗೂ ಕಾರ್ಮಿಕ ವರ್ಗದವರ ಪ್ರಯಾಣ ವೆಚ್ಚದಲ್ಲಿ ಉಳಿತಾಯದಿಂದ ಸಹಕಾರಿಯಾಗಿದೆ ಎಂದು ಅಭಿಪ್ರಾಯ ವ್ಯಕ್ತಪಡಿಸಿದ್ದಾರೆ.

ಖಾಸಗಿ ಉದ್ಯೋಗದಲ್ಲಿರುವ ಮಹಿಳೆಯರು ತಮ್ಮ ಕುಟುಂಬದೊಂದಿಗೆ ಮತ್ತು ಪೋಷಕರ ಹಬ್ಬ ಹರಿದಿನಗಳಲ್ಲಿ ಕುಟುಂಬದ ಜೊತೆ ಪ್ರಯಾಣ ಮಾಡಲು ಅನುಕೂಲವಾಗಿದೆ.

ಶಕ್ತಿ ಯೋಜನೆಯಿಂದ ನಮಗೆ ಸಾಕಷ್ಟು ಅನುಕೂಲವಾಗಿದೆ. ಒಂದೇ ಓಡಾಟ ಪೂರ್ತಿ ನಮ್ಮ ವಾರ್ಡ್ ನಲ್ಲಿ ಮಾಡಲು ಸಾಧ್ಯವಾಗಿದೆ. ಈ ಯೋಜನೆ ಮಹಿಳೆಯರ ಸಬಲೀಕರಣದತ್ತ ಹೆಜ್ಜೆ. ಸಾರ್ವಜನಿಕರು ಹಾಗೂ ವಿದ್ಯಾರ್ಥಿಗಳು ಸರ್ಕಾರಕ್ಕೆ ಕೃತಜ್ಞತೆ ಸಲ್ಲಿಸಿದ್ದಾರೆ. ಶಕ್ತಿ ಯೋಜನೆಯ ಮೂಲಕ ಮಹಿಳಾ ಪ್ರಯಾಣಿಕರು ಹೆಚ್ಚಿನ ಪ್ರಮಾಣದಲ್ಲಿ ಸಂಚಾರ ಮಾಡುತ್ತಿದ್ದಾರೆ.

ಶಕ್ತಿ ಯೋಜನೆಯ ಉಚಿತ ಪ್ರಯಾಣದಿಂದಾಗಿ ನನಗೆ ಸಾಕಷ್ಟು ಅನುಕೂಲವಾಗಿದೆ. ನಾನು ಸಂಪಾದಿಸುವ ಹಣದಲ್ಲಿ ಪ್ರಯಾಣ ವೆಚ್ಚ ಉಳಿಯುತ್ತಿದೆ. ಅದೇ ಹಣವನ್ನು ಪುಸ್ತಕಗಳನ್ನು ಖರೀದಿಸಲು ಬಳಸಿಕೊಳ್ಳುತ್ತಿದ್ದೇನೆ.
- ವಾಣಿ, ಪ್ರಥಮ ಪಿಯು ವಿದ್ಯಾರ್ಥಿನಿ, ತೆಕ್ಕಲಕೋಟೆ ಗ್ರಾಮ, ಬಳ್ಳಾರಿ ತಾಲ್ಲೂಕು.
